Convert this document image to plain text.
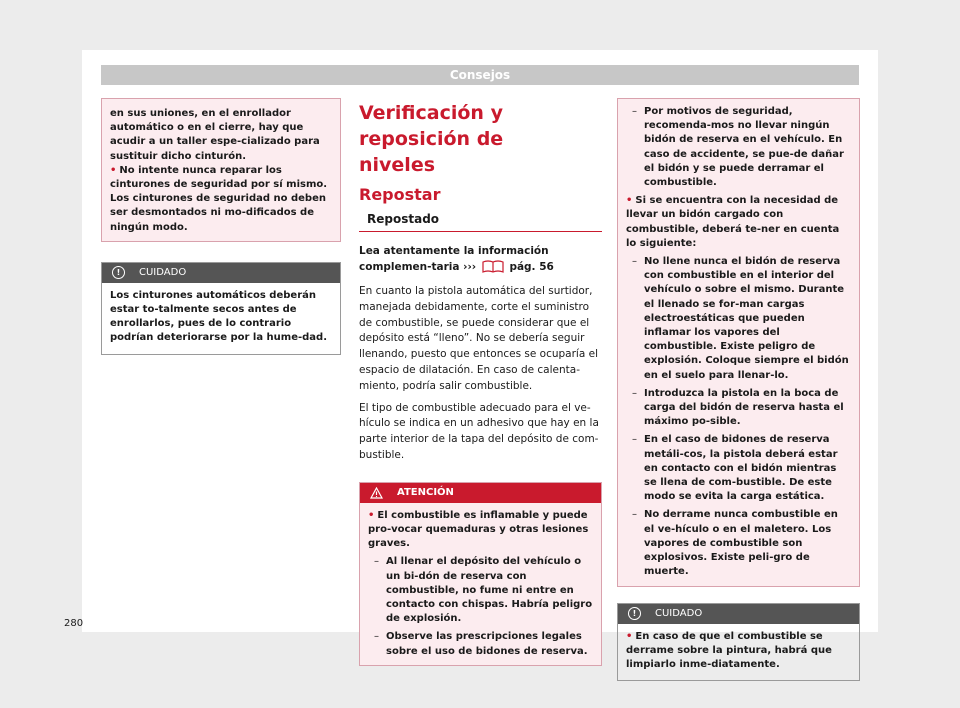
Consejos

en sus uniones, en el enrollador automático o en el cierre, hay que acudir a un taller espe-cializado para sustituir dicho cinturón.

• No intente nunca reparar los cinturones de seguridad por sí mismo. Los cinturones de seguridad no deben ser desmontados ni mo-dificados de ningún modo.

!	CUIDADO

Los cinturones automáticos deberán estar to-talmente secos antes de enrollarlos, pues de lo contrario podrían deteriorarse por la hume-dad.

Verificación y reposición de
niveles
Repostar
Repostado

Lea atentamente la información complemen-taria ›››	pág. 56

En cuanto la pistola automática del surtidor, manejada debidamente, corte el suministro de combustible, se puede considerar que el depósito está “lleno”. No se debería seguir llenando, puesto que entonces se ocuparía el espacio de dilatación. En caso de calenta-miento, podría salir combustible.

El tipo de combustible adecuado para el ve-hículo se indica en un adhesivo que hay en la parte interior de la tapa del depósito de com-bustible.

ATENCIÓN

• El combustible es inflamable y puede pro-vocar quemaduras y otras lesiones graves.

– Al llenar el depósito del vehículo o un bi-dón de reserva con combustible, no fume ni entre en contacto con chispas. Habría peligro de explosión.

– Observe las prescripciones legales sobre el uso de bidones de reserva.

– Por motivos de seguridad, recomenda-mos no llevar ningún bidón de reserva en el vehículo. En caso de accidente, se pue-de dañar el bidón y se puede derramar el combustible.

• Si se encuentra con la necesidad de llevar un bidón cargado con combustible, deberá te-ner en cuenta lo siguiente:

– No llene nunca el bidón de reserva con combustible en el interior del vehículo o sobre el mismo. Durante el llenado se for-man cargas electroestáticas que pueden inflamar los vapores del combustible. Existe peligro de explosión. Coloque siempre el bidón en el suelo para llenar-lo.

– Introduzca la pistola en la boca de carga del bidón de reserva hasta el máximo po-sible.

– En el caso de bidones de reserva metáli-cos, la pistola deberá estar en contacto con el bidón mientras se llena de com-bustible. De este modo se evita la carga estática.

– No derrame nunca combustible en el ve-hículo o en el maletero. Los vapores de combustible son explosivos. Existe peli-gro de muerte.

!	CUIDADO

• En caso de que el combustible se derrame sobre la pintura, habrá que limpiarlo inme-diatamente.

280
